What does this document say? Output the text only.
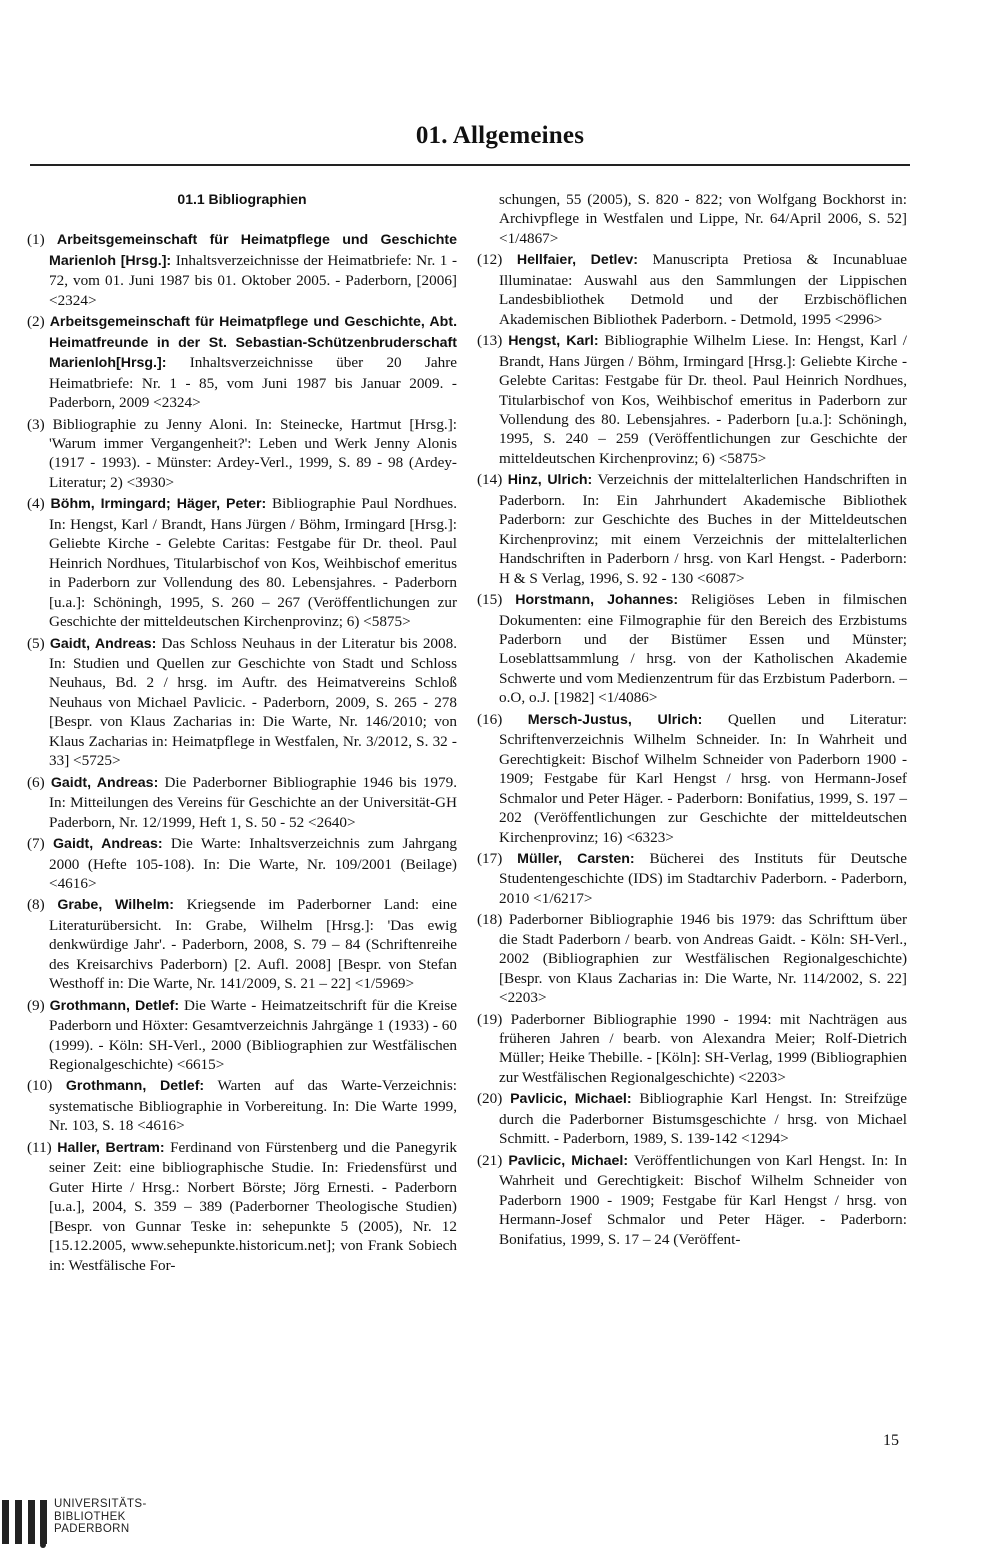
01. Allgemeines
01.1 Bibliographien
(1) Arbeitsgemeinschaft für Heimatpflege und Geschichte Marienloh [Hrsg.]: Inhaltsverzeichnisse der Heimatbriefe: Nr. 1 - 72, vom 01. Juni 1987 bis 01. Oktober 2005. - Paderborn, [2006] <2324>
(2) Arbeitsgemeinschaft für Heimatpflege und Geschichte, Abt. Heimatfreunde in der St. Sebastian-Schützenbruderschaft Marienloh[Hrsg.]: Inhaltsverzeichnisse über 20 Jahre Heimatbriefe: Nr. 1 - 85, vom Juni 1987 bis Januar 2009. - Paderborn, 2009 <2324>
(3) Bibliographie zu Jenny Aloni. In: Steinecke, Hartmut [Hrsg.]: 'Warum immer Vergangenheit?': Leben und Werk Jenny Alonis (1917 - 1993). - Münster: Ardey-Verl., 1999, S. 89 - 98 (Ardey-Literatur; 2) <3930>
(4) Böhm, Irmingard; Häger, Peter: Bibliographie Paul Nordhues. In: Hengst, Karl / Brandt, Hans Jürgen / Böhm, Irmingard [Hrsg.]: Geliebte Kirche - Gelebte Caritas: Festgabe für Dr. theol. Paul Heinrich Nordhues, Titularbischof von Kos, Weihbischof emeritus in Paderborn zur Vollendung des 80. Lebensjahres. - Paderborn [u.a.]: Schöningh, 1995, S. 260 – 267 (Veröffentlichungen zur Geschichte der mitteldeutschen Kirchenprovinz; 6) <5875>
(5) Gaidt, Andreas: Das Schloss Neuhaus in der Literatur bis 2008. In: Studien und Quellen zur Geschichte von Stadt und Schloss Neuhaus, Bd. 2 / hrsg. im Auftr. des Heimatvereins Schloß Neuhaus von Michael Pavlicic. - Paderborn, 2009, S. 265 - 278 [Bespr. von Klaus Zacharias in: Die Warte, Nr. 146/2010; von Klaus Zacharias in: Heimatpflege in Westfalen, Nr. 3/2012, S. 32 - 33] <5725>
(6) Gaidt, Andreas: Die Paderborner Bibliographie 1946 bis 1979. In: Mitteilungen des Vereins für Geschichte an der Universität-GH Paderborn, Nr. 12/1999, Heft 1, S. 50 - 52 <2640>
(7) Gaidt, Andreas: Die Warte: Inhaltsverzeichnis zum Jahrgang 2000 (Hefte 105-108). In: Die Warte, Nr. 109/2001 (Beilage) <4616>
(8) Grabe, Wilhelm: Kriegsende im Paderborner Land: eine Literaturübersicht. In: Grabe, Wilhelm [Hrsg.]: 'Das ewig denkwürdige Jahr'. - Paderborn, 2008, S. 79 – 84 (Schriftenreihe des Kreisarchivs Paderborn) [2. Aufl. 2008] [Bespr. von Stefan Westhoff in: Die Warte, Nr. 141/2009, S. 21 – 22] <1/5969>
(9) Grothmann, Detlef: Die Warte - Heimatzeitschrift für die Kreise Paderborn und Höxter: Gesamtverzeichnis Jahrgänge 1 (1933) - 60 (1999). - Köln: SH-Verl., 2000 (Bibliographien zur Westfälischen Regionalgeschichte) <6615>
(10) Grothmann, Detlef: Warten auf das Warte-Verzeichnis: systematische Bibliographie in Vorbereitung. In: Die Warte 1999, Nr. 103, S. 18 <4616>
(11) Haller, Bertram: Ferdinand von Fürstenberg und die Panegyrik seiner Zeit: eine bibliographische Studie. In: Friedensfürst und Guter Hirte / Hrsg.: Norbert Börste; Jörg Ernesti. - Paderborn [u.a.], 2004, S. 359 – 389 (Paderborner Theologische Studien) [Bespr. von Gunnar Teske in: sehepunkte 5 (2005), Nr. 12 [15.12.2005, www.sehepunkte.historicum.net]; von Frank Sobiech in: Westfälische For-
schungen, 55 (2005), S. 820 - 822; von Wolfgang Bockhorst in: Archivpflege in Westfalen und Lippe, Nr. 64/April 2006, S. 52] <1/4867>
(12) Hellfaier, Detlev: Manuscripta Pretiosa & Incunabluae Illuminatae: Auswahl aus den Sammlungen der Lippischen Landesbibliothek Detmold und der Erzbischöflichen Akademischen Bibliothek Paderborn. - Detmold, 1995 <2996>
(13) Hengst, Karl: Bibliographie Wilhelm Liese. In: Hengst, Karl / Brandt, Hans Jürgen / Böhm, Irmingard [Hrsg.]: Geliebte Kirche - Gelebte Caritas: Festgabe für Dr. theol. Paul Heinrich Nordhues, Titularbischof von Kos, Weihbischof emeritus in Paderborn zur Vollendung des 80. Lebensjahres. - Paderborn [u.a.]: Schöningh, 1995, S. 240 – 259 (Veröffentlichungen zur Geschichte der mitteldeutschen Kirchenprovinz; 6) <5875>
(14) Hinz, Ulrich: Verzeichnis der mittelalterlichen Handschriften in Paderborn. In: Ein Jahrhundert Akademische Bibliothek Paderborn: zur Geschichte des Buches in der Mitteldeutschen Kirchenprovinz; mit einem Verzeichnis der mittelalterlichen Handschriften in Paderborn / hrsg. von Karl Hengst. - Paderborn: H & S Verlag, 1996, S. 92 - 130 <6087>
(15) Horstmann, Johannes: Religiöses Leben in filmischen Dokumenten: eine Filmographie für den Bereich des Erzbistums Paderborn und der Bistümer Essen und Münster; Loseblattsammlung / hrsg. von der Katholischen Akademie Schwerte und vom Medienzentrum für das Erzbistum Paderborn. – o.O, o.J. [1982] <1/4086>
(16) Mersch-Justus, Ulrich: Quellen und Literatur: Schriftenverzeichnis Wilhelm Schneider. In: In Wahrheit und Gerechtigkeit: Bischof Wilhelm Schneider von Paderborn 1900 - 1909; Festgabe für Karl Hengst / hrsg. von Hermann-Josef Schmalor und Peter Häger. - Paderborn: Bonifatius, 1999, S. 197 – 202 (Veröffentlichungen zur Geschichte der mitteldeutschen Kirchenprovinz; 16) <6323>
(17) Müller, Carsten: Bücherei des Instituts für Deutsche Studentengeschichte (IDS) im Stadtarchiv Paderborn. - Paderborn, 2010 <1/6217>
(18) Paderborner Bibliographie 1946 bis 1979: das Schrifttum über die Stadt Paderborn / bearb. von Andreas Gaidt. - Köln: SH-Verl., 2002 (Bibliographien zur Westfälischen Regionalgeschichte) [Bespr. von Klaus Zacharias in: Die Warte, Nr. 114/2002, S. 22] <2203>
(19) Paderborner Bibliographie 1990 - 1994: mit Nachträgen aus früheren Jahren / bearb. von Alexandra Meier; Rolf-Dietrich Müller; Heike Thebille. - [Köln]: SH-Verlag, 1999 (Bibliographien zur Westfälischen Regionalgeschichte) <2203>
(20) Pavlicic, Michael: Bibliographie Karl Hengst. In: Streifzüge durch die Paderborner Bistumsgeschichte / hrsg. von Michael Schmitt. - Paderborn, 1989, S. 139-142 <1294>
(21) Pavlicic, Michael: Veröffentlichungen von Karl Hengst. In: In Wahrheit und Gerechtigkeit: Bischof Wilhelm Schneider von Paderborn 1900 - 1909; Festgabe für Karl Hengst / hrsg. von Hermann-Josef Schmalor und Peter Häger. - Paderborn: Bonifatius, 1999, S. 17 – 24 (Veröffent-
15
UNIVERSITÄTS-
BIBLIOTHEK
PADERBORN
